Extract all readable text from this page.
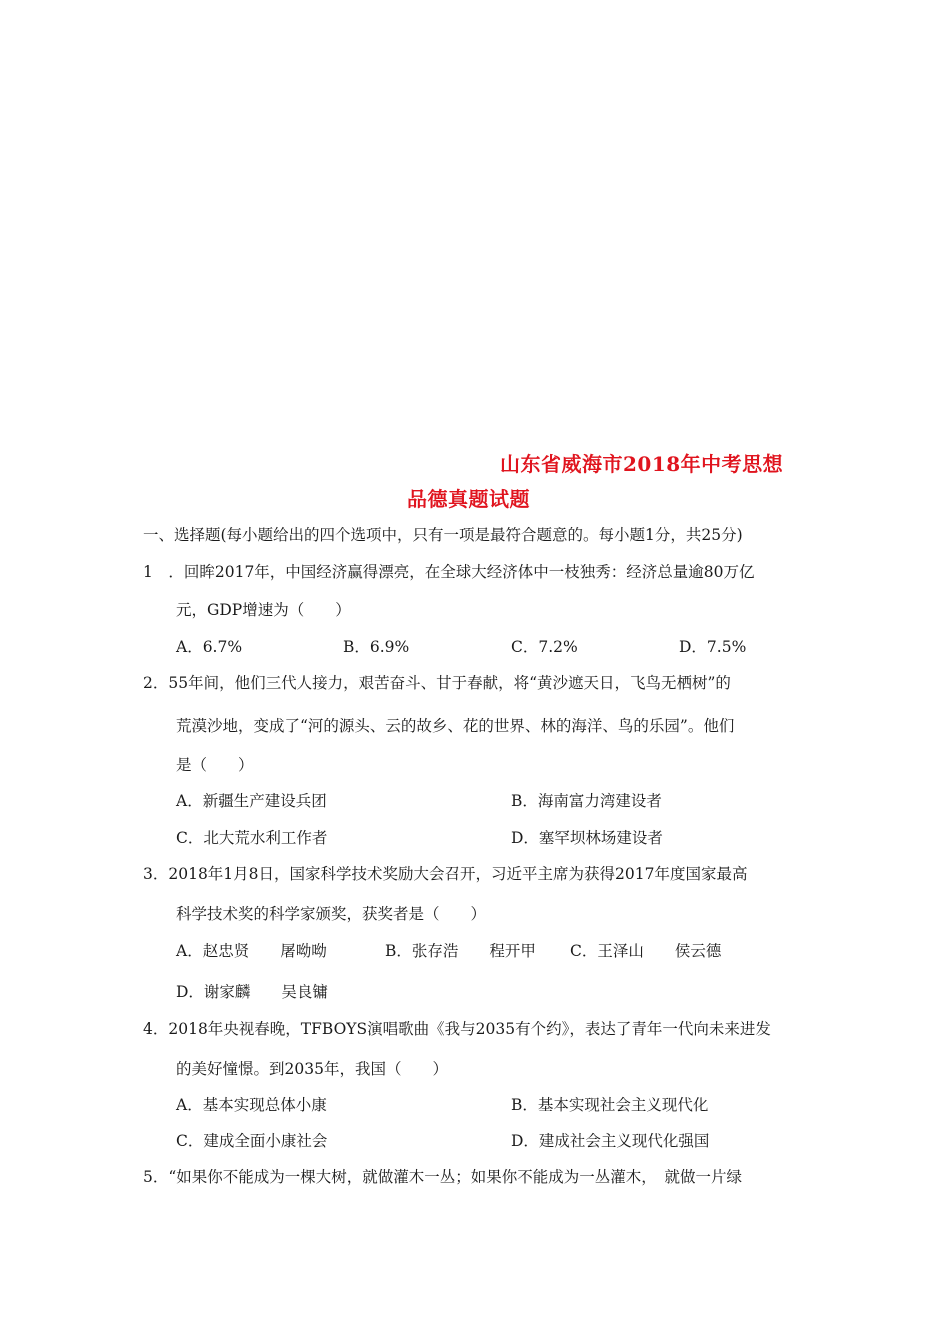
山东省威海市2018年中考思想
品德真题试题
一、选择题(每小题给出的四个选项中，只有一项是最符合题意的。每小题1分，共25分)
1　．回眸2017年，中国经济赢得漂亮，在全球大经济体中一枝独秀：经济总量逾80万亿
元，GDP增速为（　　）
A．6.7%	B．6.9%	C．7.2%	D．7.5%
2．55年间，他们三代人接力，艰苦奋斗、甘于春献，将“黄沙遮天日，飞鸟无栖树”的
荒漠沙地，变成了“河的源头、云的故乡、花的世界、林的海洋、鸟的乐园”。他们
是（　　）
A．新疆生产建设兵团	B．海南富力湾建设者
C．北大荒水利工作者	D．塞罕坝林场建设者
3．2018年1月8日，国家科学技术奖励大会召开，习近平主席为获得2017年度国家最高
科学技术奖的科学家颁奖，获奖者是（　　）
A．赵忠贤　　屠呦呦	B．张存浩　　程开甲 C．王泽山　　侯云德
D．谢家麟　　吴良镛
4．2018年央视春晚，TFBOYS演唱歌曲《我与2035有个约》，表达了青年一代向未来进发
的美好憧憬。到2035年，我国（　　）
A．基本实现总体小康	B．基本实现社会主义现代化
C．建成全面小康社会	D．建成社会主义现代化强国
5．“如果你不能成为一棵大树，就做灌木一丛；如果你不能成为一丛灌木，　就做一片绿
